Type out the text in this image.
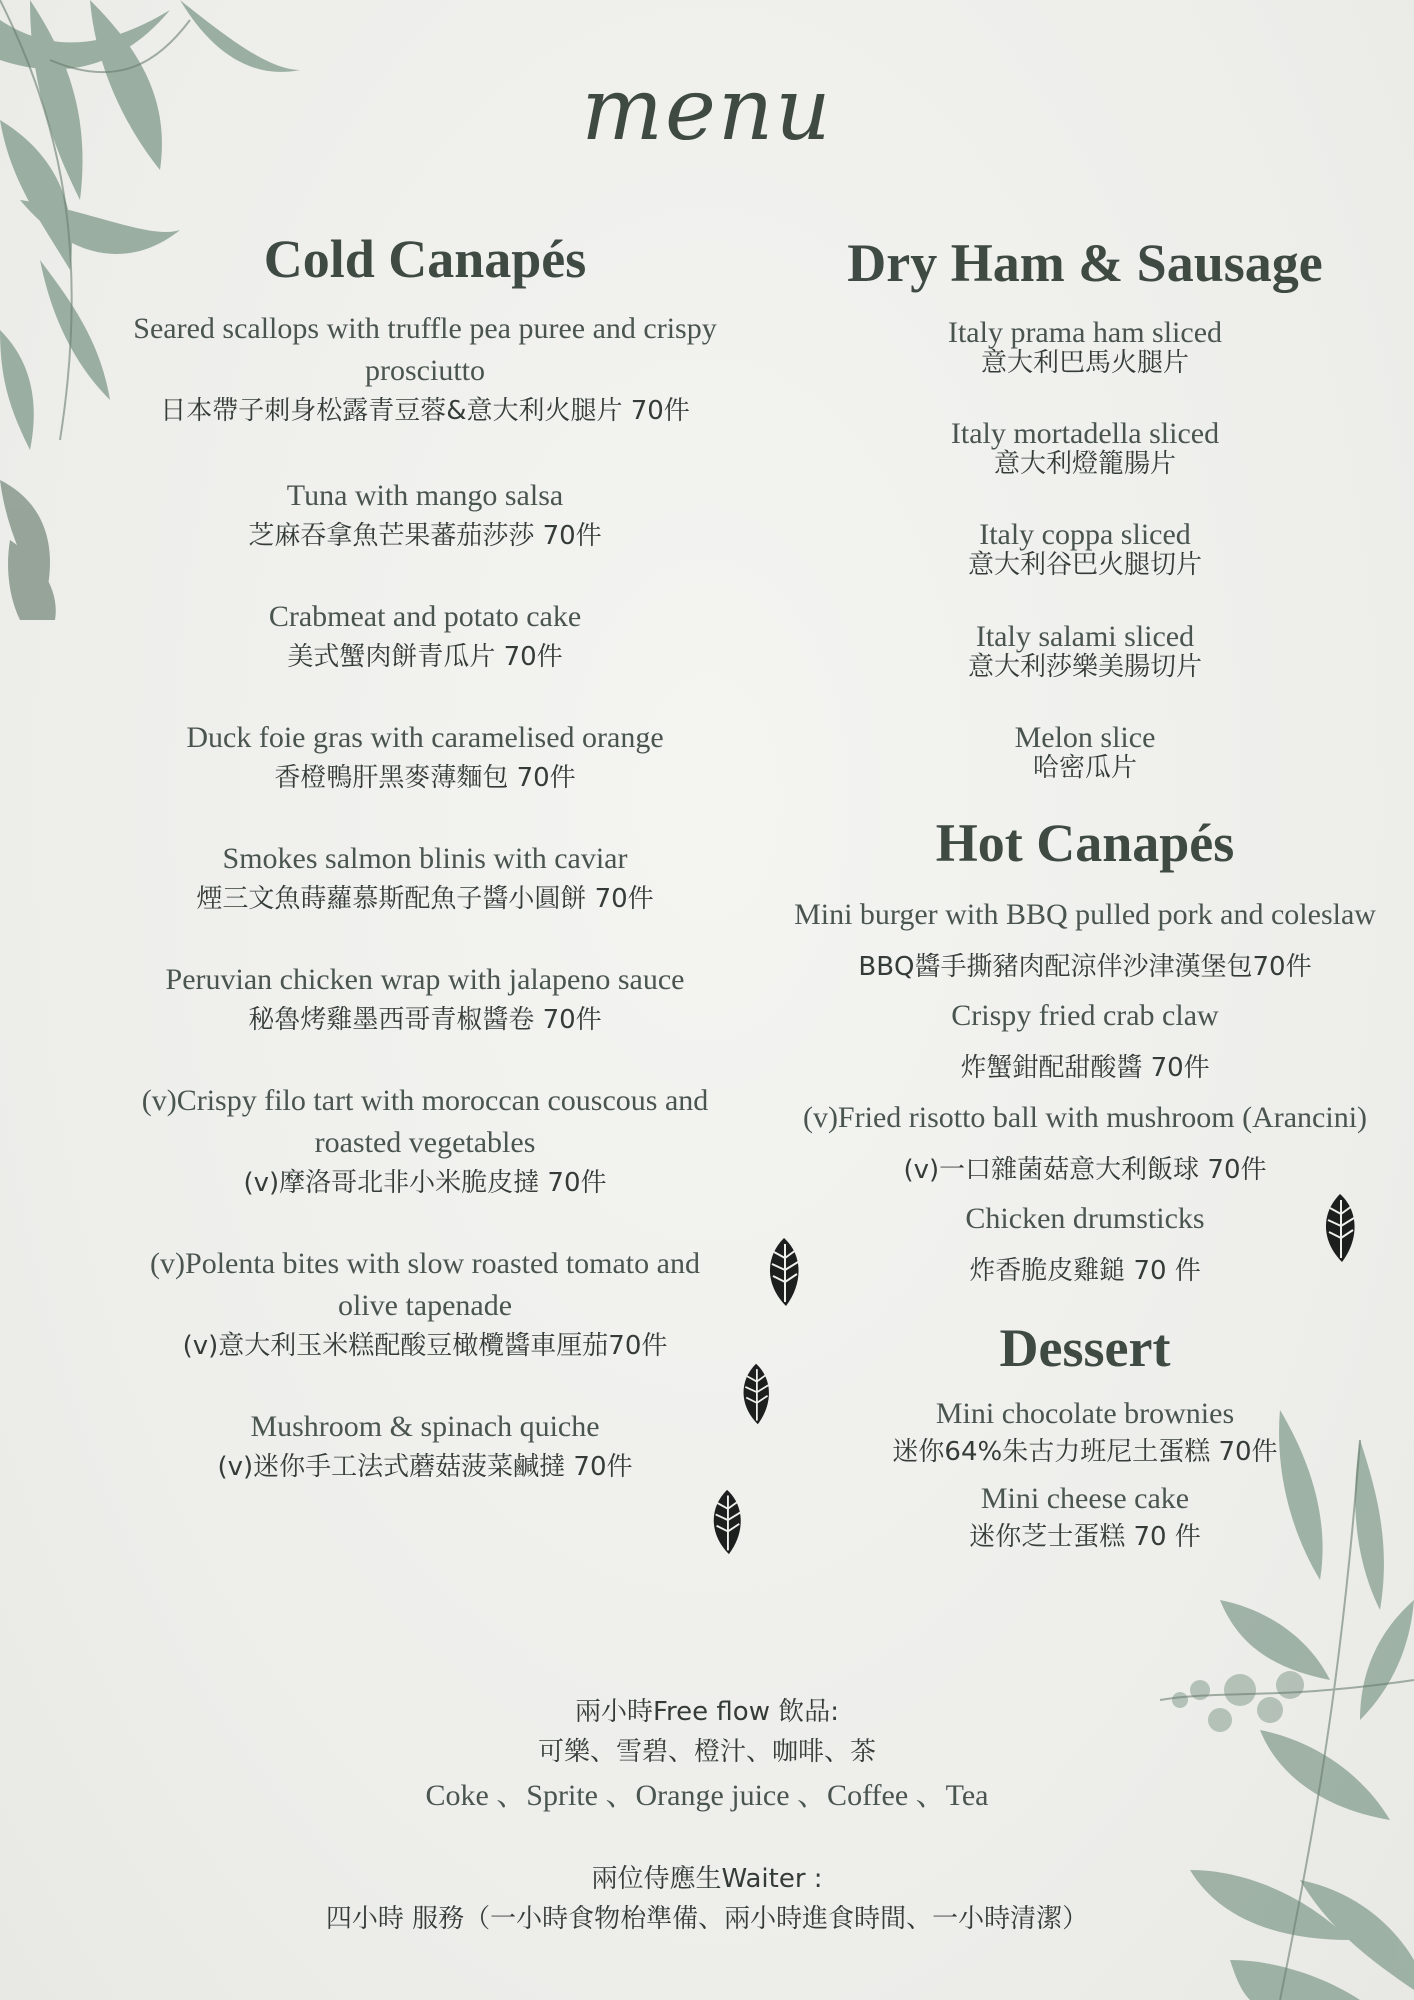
menu
Cold Canapés
Seared scallops with truffle pea puree and crispy prosciutto
日本帶子刺身松露青豆蓉&意大利火腿片 70件
Tuna with mango salsa
芝麻吞拿魚芒果蕃茄莎莎 70件
Crabmeat and potato cake
美式蟹肉餅青瓜片 70件
Duck foie gras with caramelised orange
香橙鴨肝黑麥薄麵包 70件
Smokes salmon blinis with caviar
煙三文魚蒔蘿慕斯配魚子醬小圓餅 70件
Peruvian chicken wrap with jalapeno sauce
秘魯烤雞墨西哥青椒醬卷 70件
(v)Crispy filo tart with moroccan couscous and roasted vegetables
(v)摩洛哥北非小米脆皮撻 70件
(v)Polenta bites with slow roasted tomato and olive tapenade
(v)意大利玉米糕配酸豆橄欖醬車厘茄70件
Mushroom & spinach quiche
(v)迷你手工法式蘑菇菠菜鹹撻 70件
Dry Ham & Sausage
Italy prama ham sliced
意大利巴馬火腿片
Italy mortadella sliced
意大利燈籠腸片
Italy coppa sliced
意大利谷巴火腿切片
Italy salami sliced
意大利莎樂美腸切片
Melon slice
哈密瓜片
Hot Canapés
Mini burger with BBQ pulled pork and coleslaw
BBQ醬手撕豬肉配涼伴沙津漢堡包70件
Crispy fried crab claw
炸蟹鉗配甜酸醬 70件
(v)Fried risotto ball with mushroom (Arancini)
(v)一口雜菌菇意大利飯球 70件
Chicken drumsticks
炸香脆皮雞鎚 70 件
Dessert
Mini chocolate brownies
迷你64%朱古力班尼土蛋糕 70件
Mini cheese cake
迷你芝士蛋糕 70 件
兩小時Free flow 飲品:
可樂、雪碧、橙汁、咖啡、茶
Coke 、Sprite 、Orange juice 、Coffee 、Tea
兩位侍應生Waiter :
四小時 服務（一小時食物枱準備、兩小時進食時間、一小時清潔）
